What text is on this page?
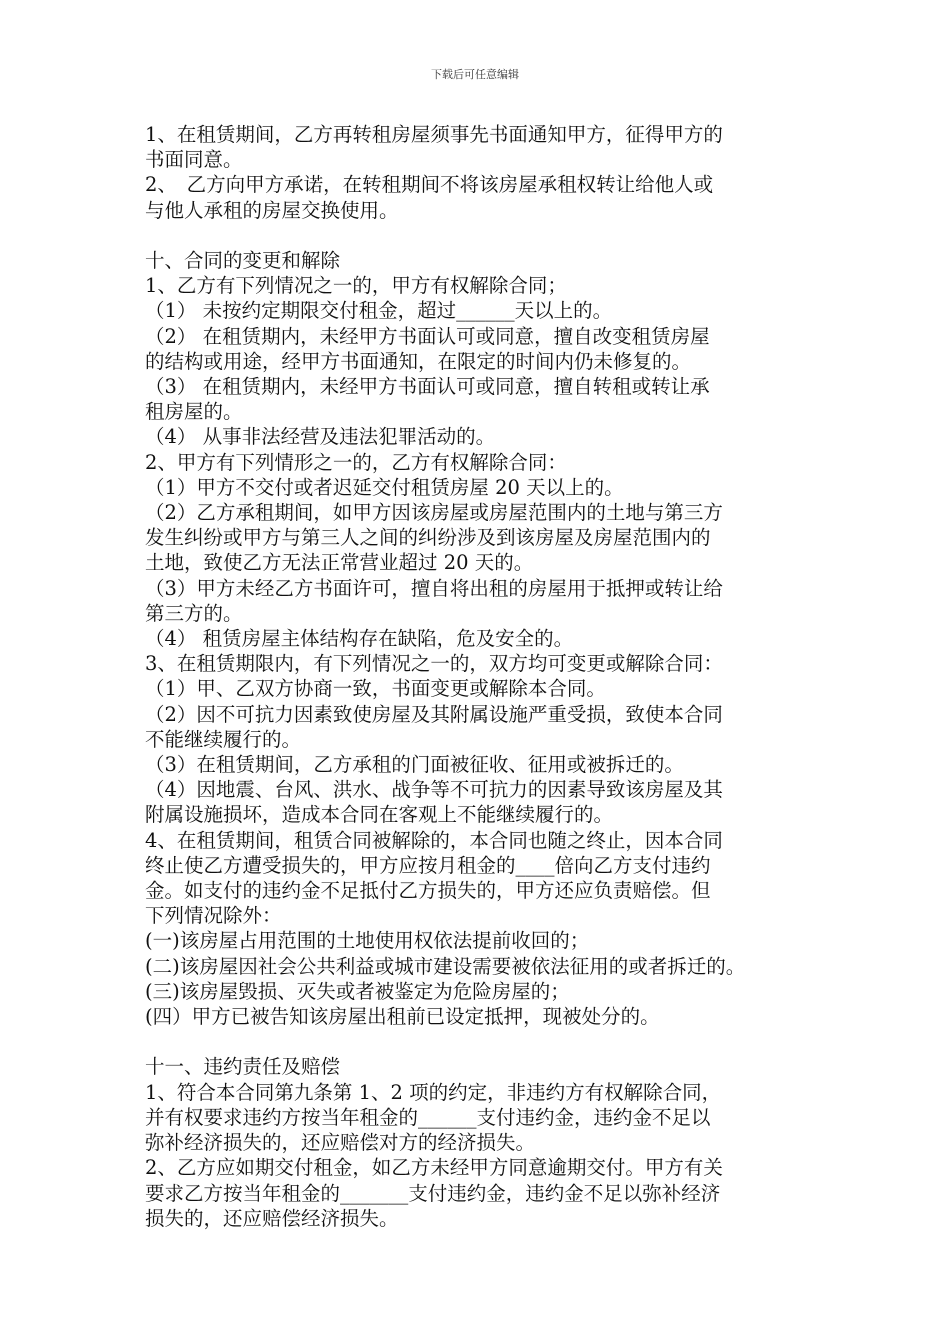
下载后可任意编辑
1、在租赁期间，乙方再转租房屋须事先书面通知甲方，征得甲方的
书面同意。
2、　乙方向甲方承诺，在转租期间不将该房屋承租权转让给他人或
与他人承租的房屋交换使用。
十、合同的变更和解除
1、乙方有下列情况之一的，甲方有权解除合同；
（1） 未按约定期限交付租金，超过______天以上的。
（2） 在租赁期内，未经甲方书面认可或同意，擅自改变租赁房屋
的结构或用途，经甲方书面通知，在限定的时间内仍未修复的。
（3） 在租赁期内，未经甲方书面认可或同意，擅自转租或转让承
租房屋的。
（4） 从事非法经营及违法犯罪活动的。
2、甲方有下列情形之一的，乙方有权解除合同：
（1）甲方不交付或者迟延交付租赁房屋 20 天以上的。
（2）乙方承租期间，如甲方因该房屋或房屋范围内的土地与第三方
发生纠纷或甲方与第三人之间的纠纷涉及到该房屋及房屋范围内的
土地，致使乙方无法正常营业超过 20 天的。
（3）甲方未经乙方书面许可，擅自将出租的房屋用于抵押或转让给
第三方的。
（4） 租赁房屋主体结构存在缺陷，危及安全的。
3、在租赁期限内，有下列情况之一的，双方均可变更或解除合同：
（1）甲、乙双方协商一致，书面变更或解除本合同。
（2）因不可抗力因素致使房屋及其附属设施严重受损，致使本合同
不能继续履行的。
（3）在租赁期间，乙方承租的门面被征收、征用或被拆迁的。
（4）因地震、台风、洪水、战争等不可抗力的因素导致该房屋及其
附属设施损坏，造成本合同在客观上不能继续履行的。
4、在租赁期间，租赁合同被解除的，本合同也随之终止，因本合同
终止使乙方遭受损失的，甲方应按月租金的____倍向乙方支付违约
金。如支付的违约金不足抵付乙方损失的，甲方还应负责赔偿。但
下列情况除外：
(一)该房屋占用范围的土地使用权依法提前收回的；
(二)该房屋因社会公共利益或城市建设需要被依法征用的或者拆迁的。
(三)该房屋毁损、灭失或者被鉴定为危险房屋的；
(四）甲方已被告知该房屋出租前已设定抵押，现被处分的。
十一、违约责任及赔偿
1、符合本合同第九条第 1、2 项的约定，非违约方有权解除合同，
并有权要求违约方按当年租金的______支付违约金，违约金不足以
弥补经济损失的，还应赔偿对方的经济损失。
2、乙方应如期交付租金，如乙方未经甲方同意逾期交付。甲方有关
要求乙方按当年租金的_______支付违约金，违约金不足以弥补经济
损失的，还应赔偿经济损失。
